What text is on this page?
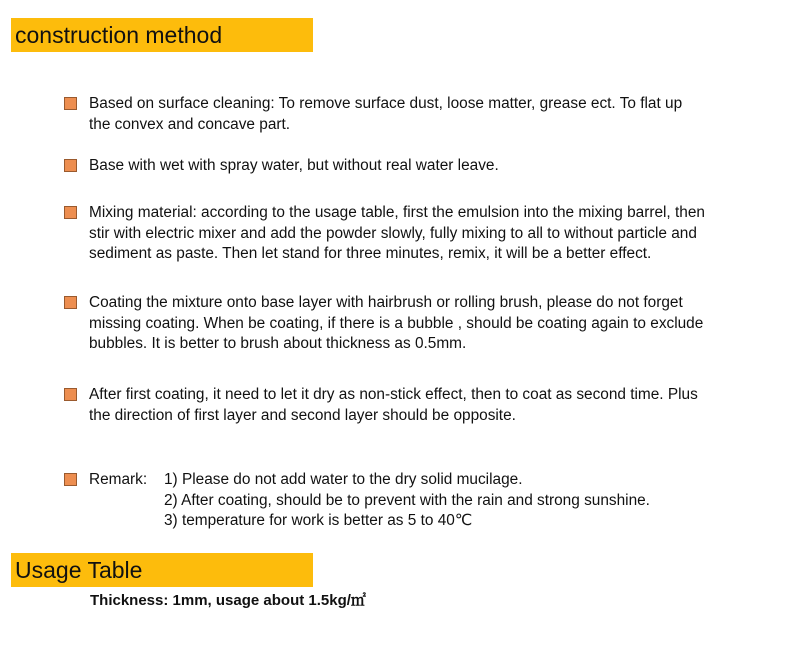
construction method
Based on surface cleaning: To remove surface dust, loose matter, grease ect. To flat up
the convex and concave part.
Base with wet with spray water, but without real water leave.
Mixing material: according to the usage table, first the emulsion into the mixing barrel, then
stir with electric mixer and add the powder slowly, fully mixing to all to without particle and
sediment as paste. Then let stand for three minutes, remix, it will be a better effect.
Coating the mixture onto base layer with hairbrush or rolling brush, please do not forget
missing coating. When be coating, if there is a bubble , should be coating again to exclude
bubbles. It is better to brush about thickness as 0.5mm.
After first coating, it need to let it dry as non-stick effect, then to coat as second time. Plus
the direction of first layer and second layer should be opposite.
Remark: 1) Please do not add water to the dry solid mucilage.
2) After coating, should be to prevent with the rain and strong sunshine.
3) temperature for work is better as 5 to 40℃
Usage Table
Thickness: 1mm, usage about 1.5kg/㎡
